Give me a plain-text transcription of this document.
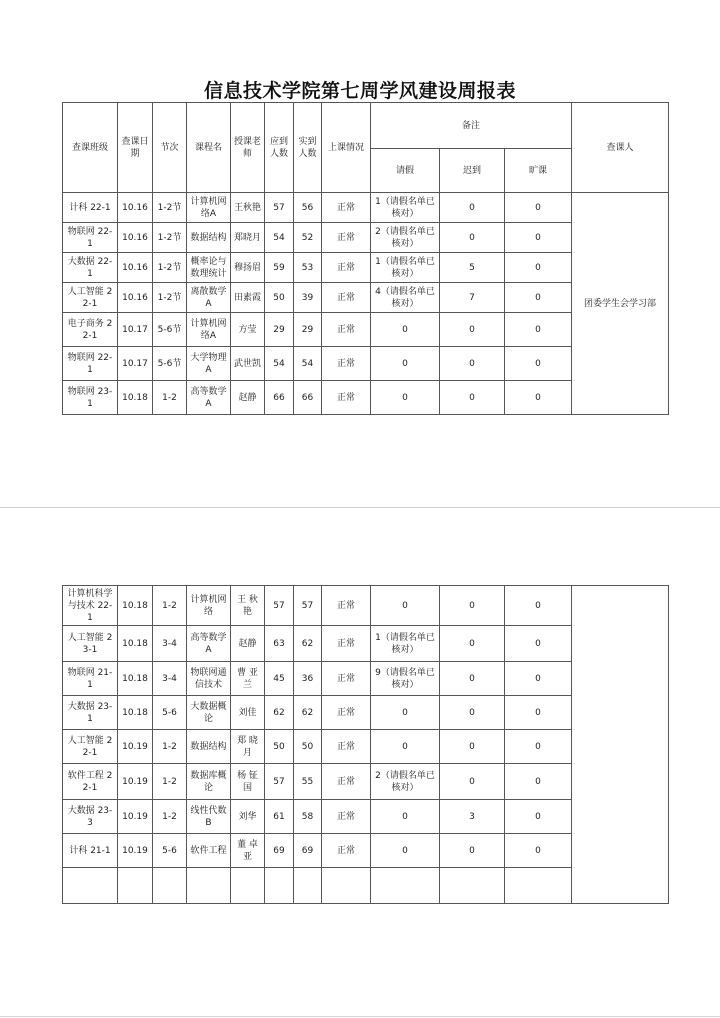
信息技术学院第七周学风建设周报表
查课班级	查课日期	节次	课程名	授课老师	应到人数	实到人数	上课情况	备注			查课人
								请假	迟到	旷课	
计科 22-1	10.16	1-2节	计算机网络A	王秋艳	57	56	正常	1（请假名单已核对）	0	0	团委学生会学习部
物联网 22-1	10.16	1-2节	数据结构	郑晓月	54	52	正常	2（请假名单已核对）	0	0	
大数据 22-1	10.16	1-2节	概率论与数理统计	穆扬眉	59	53	正常	1（请假名单已核对）	5	0	
人工智能 22-1	10.16	1-2节	离散数学A	田素霞	50	39	正常	4（请假名单已核对）	7	0	
电子商务 22-1	10.17	5-6节	计算机网络A	方莹	29	29	正常	0	0	0	
物联网 22-1	10.17	5-6节	大学物理A	武世凯	54	54	正常	0	0	0	
物联网 23-1	10.18	1-2	高等数学A	赵静	66	66	正常	0	0	0	
计算机科学与技术 22-1	10.18	1-2	计算机网络	王 秋艳	57	57	正常	0	0	0	
人工智能 23-1	10.18	3-4	高等数学A	赵静	63	62	正常	1（请假名单已核对）	0	0	
物联网 21-1	10.18	3-4	物联网通信技术	曹 亚兰	45	36	正常	9（请假名单已核对）	0	0	
大数据 23-1	10.18	5-6	大数据概论	刘佳	62	62	正常	0	0	0	
人工智能 22-1	10.19	1-2	数据结构	郑 晓月	50	50	正常	0	0	0	
软件工程 22-1	10.19	1-2	数据库概论	杨 钲国	57	55	正常	2（请假名单已核对）	0	0	
大数据 23-3	10.19	1-2	线性代数B	刘华	61	58	正常	0	3	0	
计科 21-1	10.19	5-6	软件工程	董 卓亚	69	69	正常	0	0	0	
